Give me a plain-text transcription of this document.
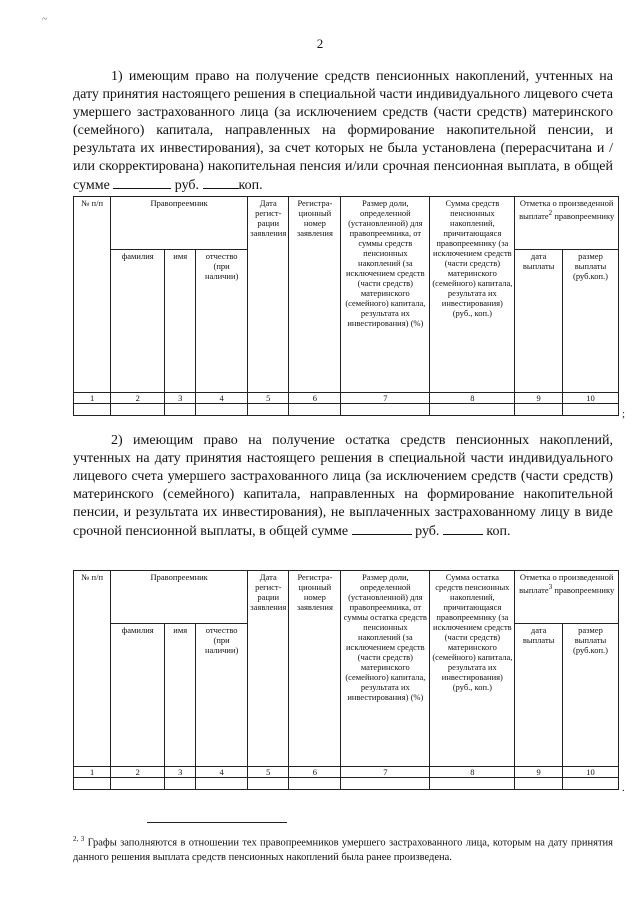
~
2
1) имеющим право на получение средств пенсионных накоплений, учтенных на дату принятия настоящего решения в специальной части индивидуального лицевого счета умершего застрахованного лица (за исключением средств (части средств) материнского (семейного) капитала, направленных на формирование накопительной пенсии, и результата их инвестирования), за счет которых не была установлена (перерасчитана и /или скорректирована) накопительная пенсия и/или срочная пенсионная выплата, в общей сумме	руб.	коп.
№ п/п	Правопреемник			Дата регист-рации заявления	Регистра-ционный номер заявления	Размер доли, определенной (установленной) для правопреемника, от суммы средств пенсионных накоплений (за исключением средств (части средств) материнского (семейного) капитала, результата их инвестирования) (%)	Сумма средств пенсионных накоплений, причитающаяся правопреемнику (за исключением средств (части средств) материнского (семейного) капитала, результата их инвестирования) (руб., коп.)	Отметка о произведенной выплате$^2$ правопреемнику	
	фамилия	имя	отчество (при наличии)					дата выплаты	размер выплаты (руб.коп.)
1	2	3	4	5	6	7	8	9	10

;
2) имеющим право на получение остатка средств пенсионных накоплений, учтенных на дату принятия настоящего решения в специальной части индивидуального лицевого счета умершего застрахованного лица (за исключением средств (части средств) материнского (семейного) капитала, направленных на формирование накопительной пенсии, и результата их инвестирования), не выплаченных застрахованному лицу в виде срочной пенсионной выплаты, в общей сумме	руб.	коп.
№ п/п	Правопреемник			Дата регист-рации заявления	Регистра-ционный номер заявления	Размер доли, определенной (установленной) для правопреемника, от суммы остатка средств пенсионных накоплений (за исключением средств (части средств) материнского (семейного) капитала, результата их инвестирования) (%)	Сумма остатка средств пенсионных накоплений, причитающаяся правопреемнику (за исключением средств (части средств) материнского (семейного) капитала, результата их инвестирования) (руб., коп.)	Отметка о произведенной выплате$^3$ правопреемнику	
	фамилия	имя	отчество (при наличии)					дата выплаты	размер выплаты (руб.коп.)
1	2	3	4	5	6	7	8	9	10

.
$^{2, 3}$ Графы заполняются в отношении тех правопреемников умершего застрахованного лица, которым на дату принятия данного решения выплата средств пенсионных накоплений была ранее произведена.
